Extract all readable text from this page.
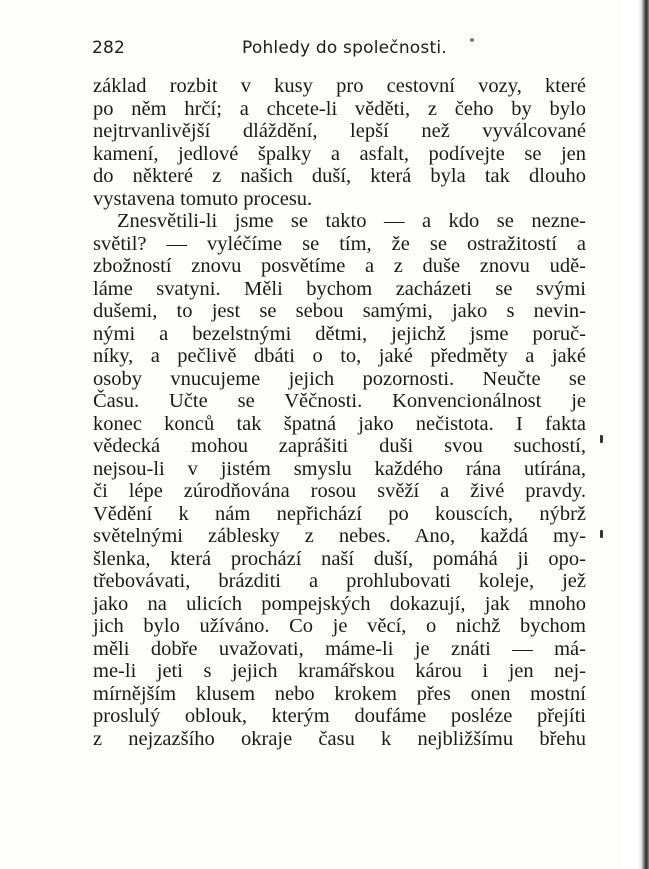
282	Pohledy do společnosti.
základ rozbit v kusy pro cestovní vozy, které
po něm hrčí; a chcete-li věděti, z čeho by bylo
nejtrvanlivější dláždění, lepší než vyválcované
kamení, jedlové špalky a asfalt, podívejte se jen
do některé z našich duší, která byla tak dlouho
vystavena tomuto procesu.
Znesvětili-li jsme se takto — a kdo se nezne-
světil? — vyléčíme se tím, že se ostražitostí a
zbožností znovu posvětíme a z duše znovu udě-
láme svatyni. Měli bychom zacházeti se svými
dušemi, to jest se sebou samými, jako s nevin-
nými a bezelstnými dětmi, jejichž jsme poruč-
níky, a pečlivě dbáti o to, jaké předměty a jaké
osoby vnucujeme jejich pozornosti. Neučte se
Času. Učte se Věčnosti. Konvencionálnost je
konec konců tak špatná jako nečistota. I fakta
vědecká mohou zaprášiti duši svou suchostí,
nejsou-li v jistém smyslu každého rána utírána,
či lépe zúrodňována rosou svěží a živé pravdy.
Vědění k nám nepřichází po kouscích, nýbrž
světelnými záblesky z nebes. Ano, každá my-
šlenka, která prochází naší duší, pomáhá ji opo-
třebovávati, brázditi a prohlubovati koleje, jež
jako na ulicích pompejských dokazují, jak mnoho
jich bylo užíváno. Co je věcí, o nichž bychom
měli dobře uvažovati, máme-li je znáti — má-
me-li jeti s jejich kramářskou károu i jen nej-
mírnějším klusem nebo krokem přes onen mostní
proslulý oblouk, kterým doufáme posléze přejíti
z nejzazšího okraje času k nejbližšímu břehu
